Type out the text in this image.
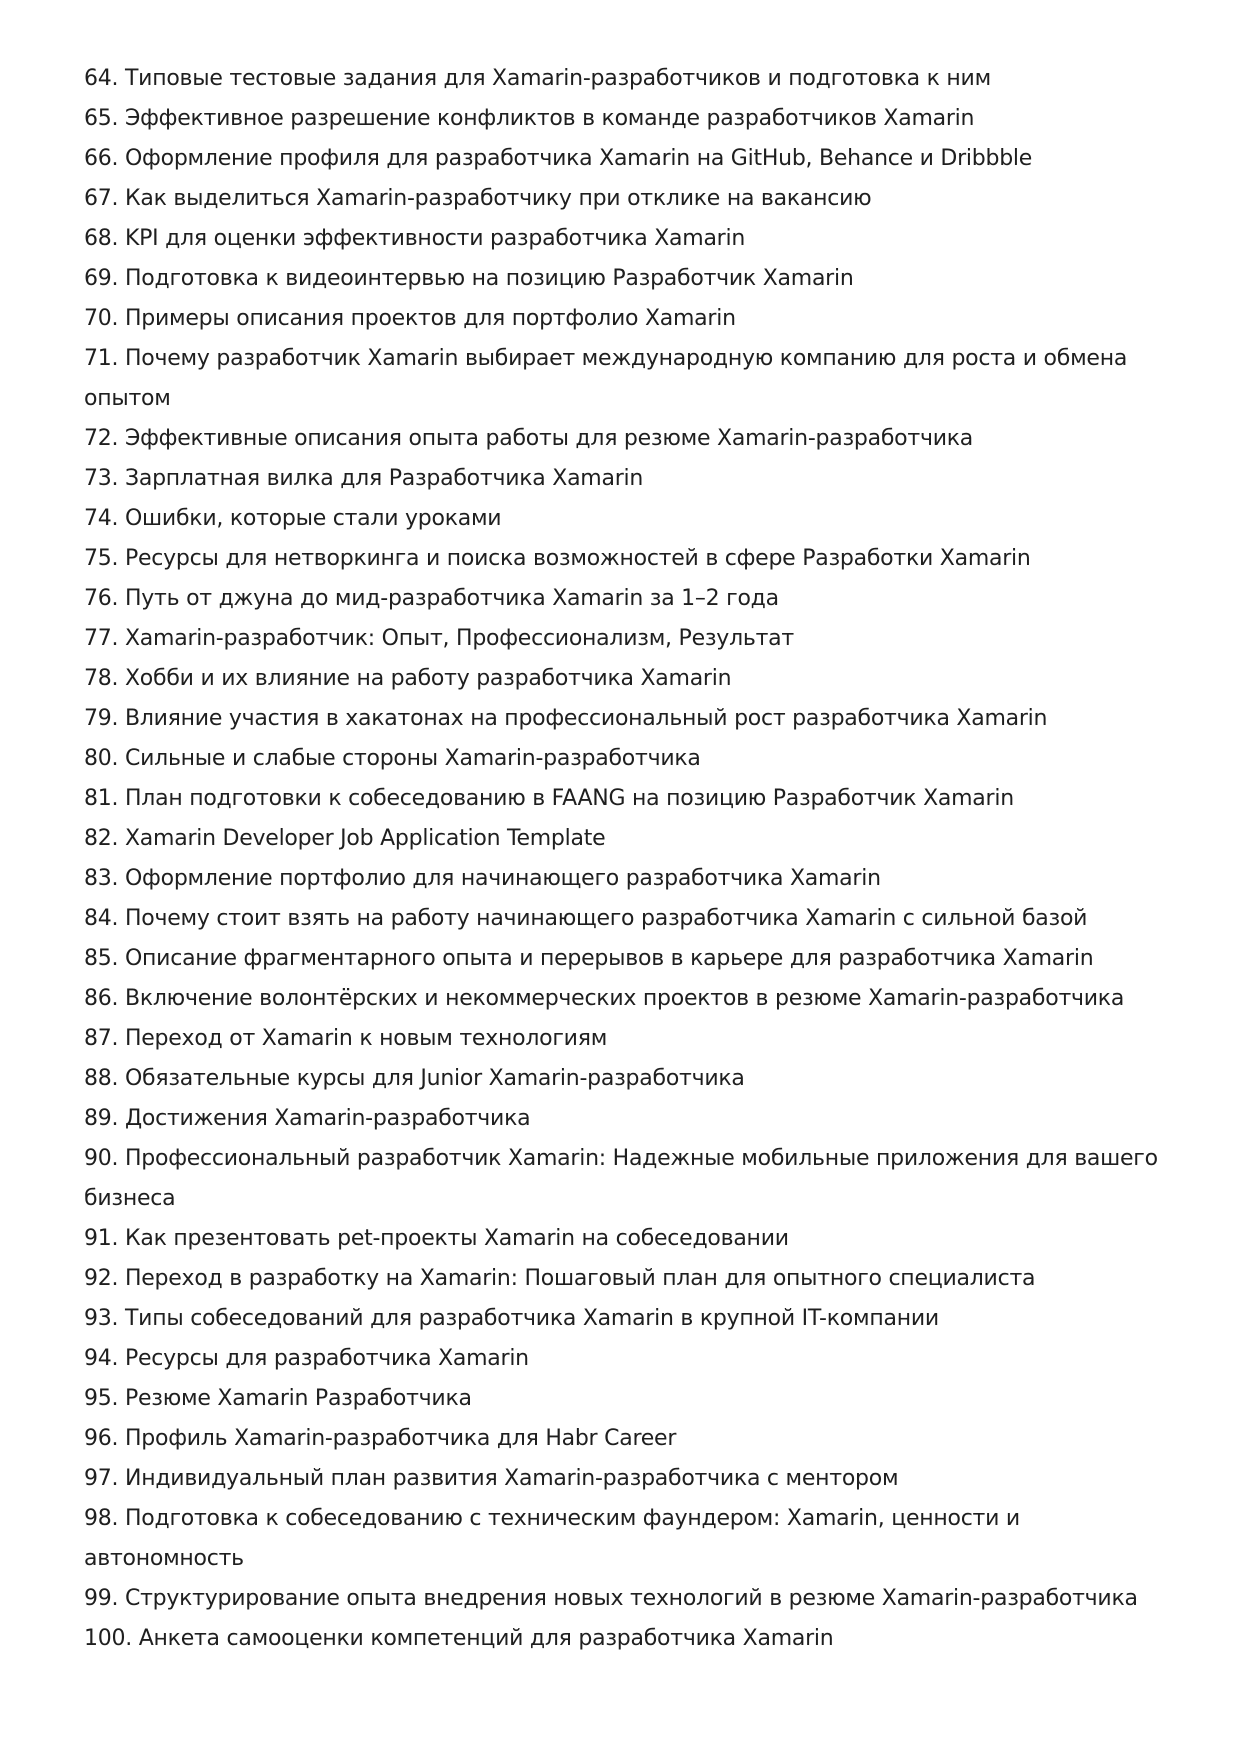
64. Типовые тестовые задания для Xamarin-разработчиков и подготовка к ним
65. Эффективное разрешение конфликтов в команде разработчиков Xamarin
66. Оформление профиля для разработчика Xamarin на GitHub, Behance и Dribbble
67. Как выделиться Xamarin-разработчику при отклике на вакансию
68. KPI для оценки эффективности разработчика Xamarin
69. Подготовка к видеоинтервью на позицию Разработчик Xamarin
70. Примеры описания проектов для портфолио Xamarin
71. Почему разработчик Xamarin выбирает международную компанию для роста и обмена опытом
72. Эффективные описания опыта работы для резюме Xamarin-разработчика
73. Зарплатная вилка для Разработчика Xamarin
74. Ошибки, которые стали уроками
75. Ресурсы для нетворкинга и поиска возможностей в сфере Разработки Xamarin
76. Путь от джуна до мид-разработчика Xamarin за 1–2 года
77. Xamarin-разработчик: Опыт, Профессионализм, Результат
78. Хобби и их влияние на работу разработчика Xamarin
79. Влияние участия в хакатонах на профессиональный рост разработчика Xamarin
80. Сильные и слабые стороны Xamarin-разработчика
81. План подготовки к собеседованию в FAANG на позицию Разработчик Xamarin
82. Xamarin Developer Job Application Template
83. Оформление портфолио для начинающего разработчика Xamarin
84. Почему стоит взять на работу начинающего разработчика Xamarin с сильной базой
85. Описание фрагментарного опыта и перерывов в карьере для разработчика Xamarin
86. Включение волонтёрских и некоммерческих проектов в резюме Xamarin-разработчика
87. Переход от Xamarin к новым технологиям
88. Обязательные курсы для Junior Xamarin-разработчика
89. Достижения Xamarin-разработчика
90. Профессиональный разработчик Xamarin: Надежные мобильные приложения для вашего бизнеса
91. Как презентовать pet-проекты Xamarin на собеседовании
92. Переход в разработку на Xamarin: Пошаговый план для опытного специалиста
93. Типы собеседований для разработчика Xamarin в крупной IT-компании
94. Ресурсы для разработчика Xamarin
95. Резюме Xamarin Разработчика
96. Профиль Xamarin-разработчика для Habr Career
97. Индивидуальный план развития Xamarin-разработчика с ментором
98. Подготовка к собеседованию с техническим фаундером: Xamarin, ценности и автономность
99. Структурирование опыта внедрения новых технологий в резюме Xamarin-разработчика
100. Анкета самооценки компетенций для разработчика Xamarin
